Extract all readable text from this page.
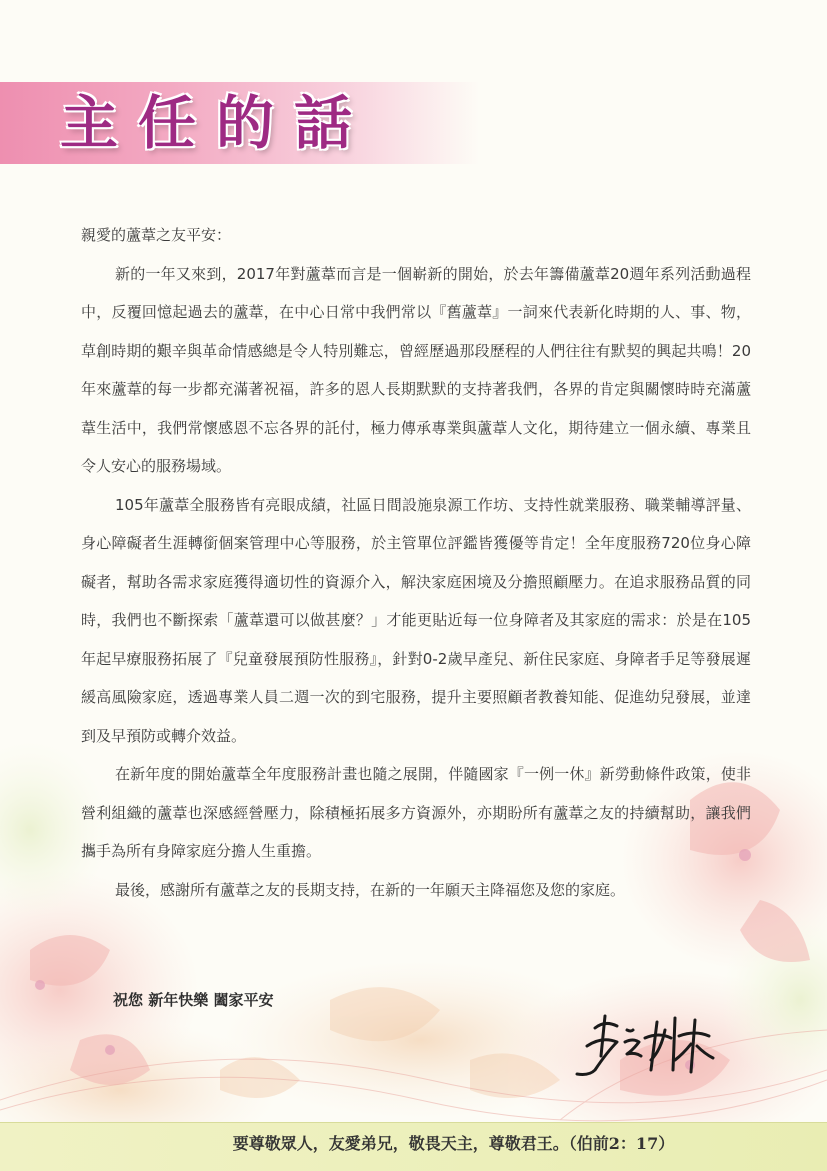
主任的話

親愛的蘆葦之友平安：

新的一年又來到，2017年對蘆葦而言是一個嶄新的開始，於去年籌備蘆葦20週年系列活動過程中，反覆回憶起過去的蘆葦，在中心日常中我們常以『舊蘆葦』一詞來代表新化時期的人、事、物，草創時期的艱辛與革命情感總是令人特別難忘，曾經歷過那段歷程的人們往往有默契的興起共鳴！20年來蘆葦的每一步都充滿著祝福，許多的恩人長期默默的支持著我們，各界的肯定與關懷時時充滿蘆葦生活中，我們常懷感恩不忘各界的託付，極力傳承專業與蘆葦人文化，期待建立一個永續、專業且令人安心的服務場域。

105年蘆葦全服務皆有亮眼成績，社區日間設施泉源工作坊、支持性就業服務、職業輔導評量、身心障礙者生涯轉銜個案管理中心等服務，於主管單位評鑑皆獲優等肯定！全年度服務720位身心障礙者，幫助各需求家庭獲得適切性的資源介入，解決家庭困境及分擔照顧壓力。在追求服務品質的同時，我們也不斷探索「蘆葦還可以做甚麼？」才能更貼近每一位身障者及其家庭的需求：於是在105年起早療服務拓展了『兒童發展預防性服務』，針對0-2歲早產兒、新住民家庭、身障者手足等發展遲緩高風險家庭，透過專業人員二週一次的到宅服務，提升主要照顧者教養知能、促進幼兒發展，並達到及早預防或轉介效益。

在新年度的開始蘆葦全年度服務計畫也隨之展開，伴隨國家『一例一休』新勞動條件政策，使非營利組織的蘆葦也深感經營壓力，除積極拓展多方資源外，亦期盼所有蘆葦之友的持續幫助，讓我們攜手為所有身障家庭分擔人生重擔。

最後，感謝所有蘆葦之友的長期支持，在新的一年願天主降福您及您的家庭。

祝您 新年快樂 闔家平安
要尊敬眾人，友愛弟兄，敬畏天主，尊敬君王。（伯前2：17）
